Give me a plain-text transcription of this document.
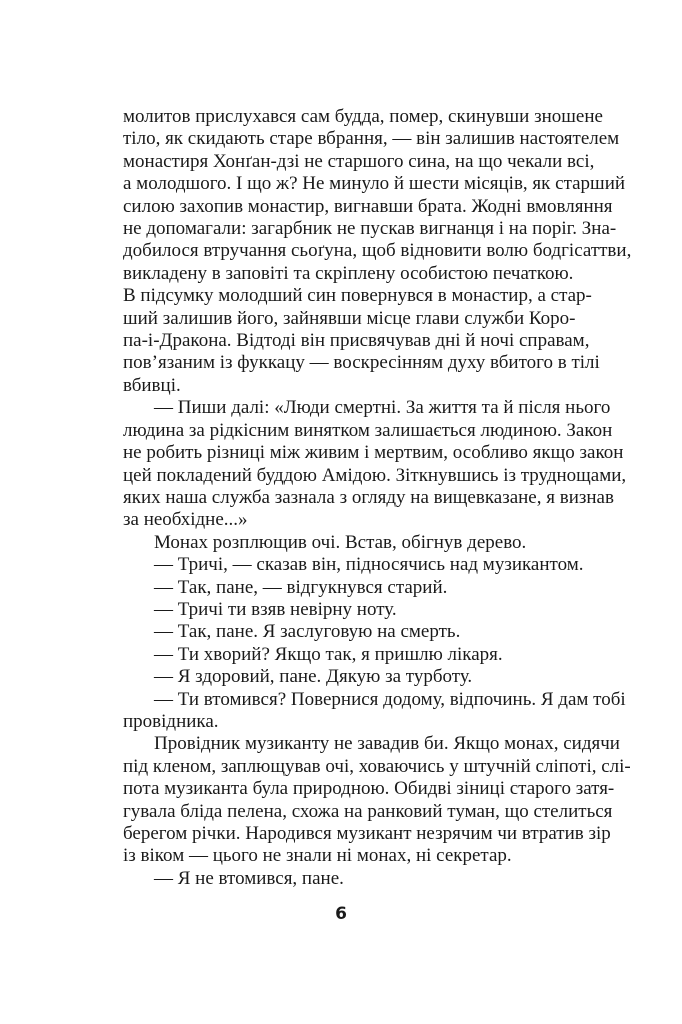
молитов прислухався сам будда, помер, скинувши зношене
тіло, як скидають старе вбрання, — він залишив настоятелем
монастиря Хонґан-дзі не старшого сина, на що чекали всі,
а молодшого. І що ж? Не минуло й шести місяців, як старший
силою захопив монастир, вигнавши брата. Жодні вмовляння
не допомагали: загарбник не пускав вигнанця і на поріг. Зна-
добилося втручання сьоґуна, щоб відновити волю бодгісаттви,
викладену в заповіті та скріплену особистою печаткою.
В підсумку молодший син повернувся в монастир, а стар-
ший залишив його, зайнявши місце глави служби Коро-
па-і-Дракона. Відтоді він присвячував дні й ночі справам,
пов’язаним із фуккацу — воскресінням духу вбитого в тілі
вбивці.
— Пиши далі: «Люди смертні. За життя та й після нього
людина за рідкісним винятком залишається людиною. Закон
не робить різниці між живим і мертвим, особливо якщо закон
цей покладений буддою Амідою. Зіткнувшись із труднощами,
яких наша служба зазнала з огляду на вищевказане, я визнав
за необхідне...»
Монах розплющив очі. Встав, обігнув дерево.
— Тричі, — сказав він, підносячись над музикантом.
— Так, пане, — відгукнувся старий.
— Тричі ти взяв невірну ноту.
— Так, пане. Я заслуговую на смерть.
— Ти хворий? Якщо так, я пришлю лікаря.
— Я здоровий, пане. Дякую за турботу.
— Ти втомився? Повернися додому, відпочинь. Я дам тобі
провідника.
Провідник музиканту не завадив би. Якщо монах, сидячи
під кленом, заплющував очі, ховаючись у штучній сліпоті, слі-
пота музиканта була природною. Обидві зіниці старого затя-
гувала бліда пелена, схожа на ранковий туман, що стелиться
берегом річки. Народився музикант незрячим чи втратив зір
із віком — цього не знали ні монах, ні секретар.
— Я не втомився, пане.
6
